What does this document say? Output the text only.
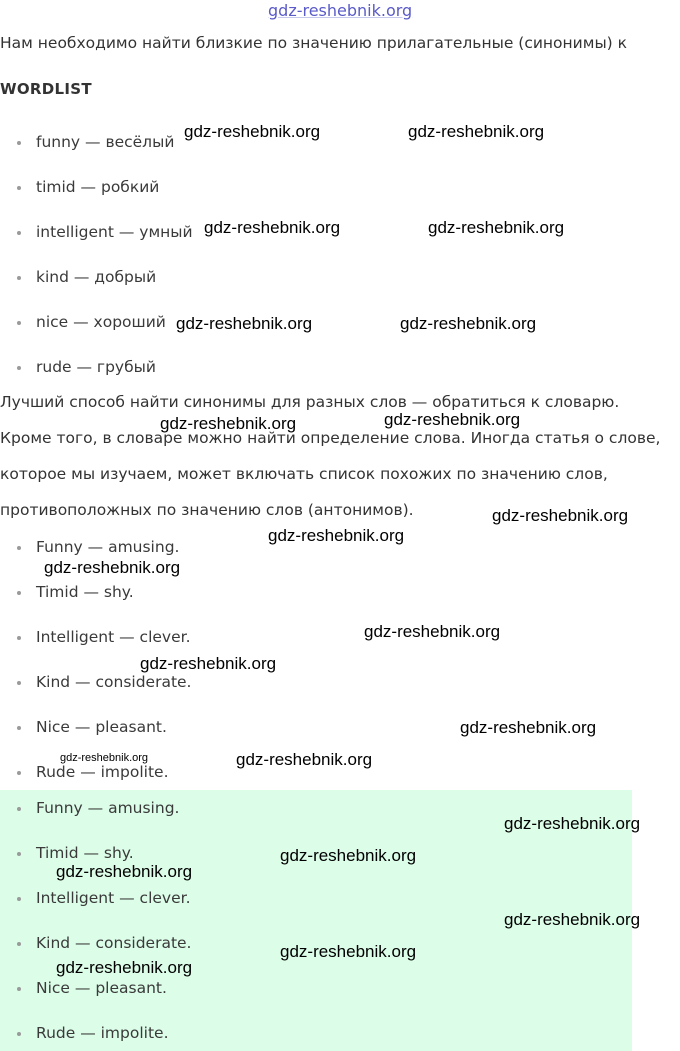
gdz-reshebnik.org

Нам необходимо найти близкие по значению прилагательные (синонимы) к

WORDLIST
funny — весёлый
timid — робкий
intelligent — умный
kind — добрый
nice — хороший
rude — грубый

Лучший способ найти синонимы для разных слов — обратиться к словарю.

Кроме того, в словаре можно найти определение слова. Иногда статья о слове,

которое мы изучаем, может включать список похожих по значению слов,

противоположных по значению слов (антонимов).

Funny — amusing.
Timid — shy.
Intelligent — clever.
Kind — considerate.
Nice — pleasant.
Rude — impolite.
Funny — amusing.
Timid — shy.
Intelligent — clever.
Kind — considerate.
Nice — pleasant.
Rude — impolite.
gdz-reshebnik.org	gdz-reshebnik.org
gdz-reshebnik.org	gdz-reshebnik.org
gdz-reshebnik.org	gdz-reshebnik.org
gdz-reshebnik.org	gdz-reshebnik.org
gdz-reshebnik.org
gdz-reshebnik.org
gdz-reshebnik.org
gdz-reshebnik.org
gdz-reshebnik.org
gdz-reshebnik.org
gdz-reshebnik.org	gdz-reshebnik.org
gdz-reshebnik.org
gdz-reshebnik.org
gdz-reshebnik.org
gdz-reshebnik.org
gdz-reshebnik.org
gdz-reshebnik.org
